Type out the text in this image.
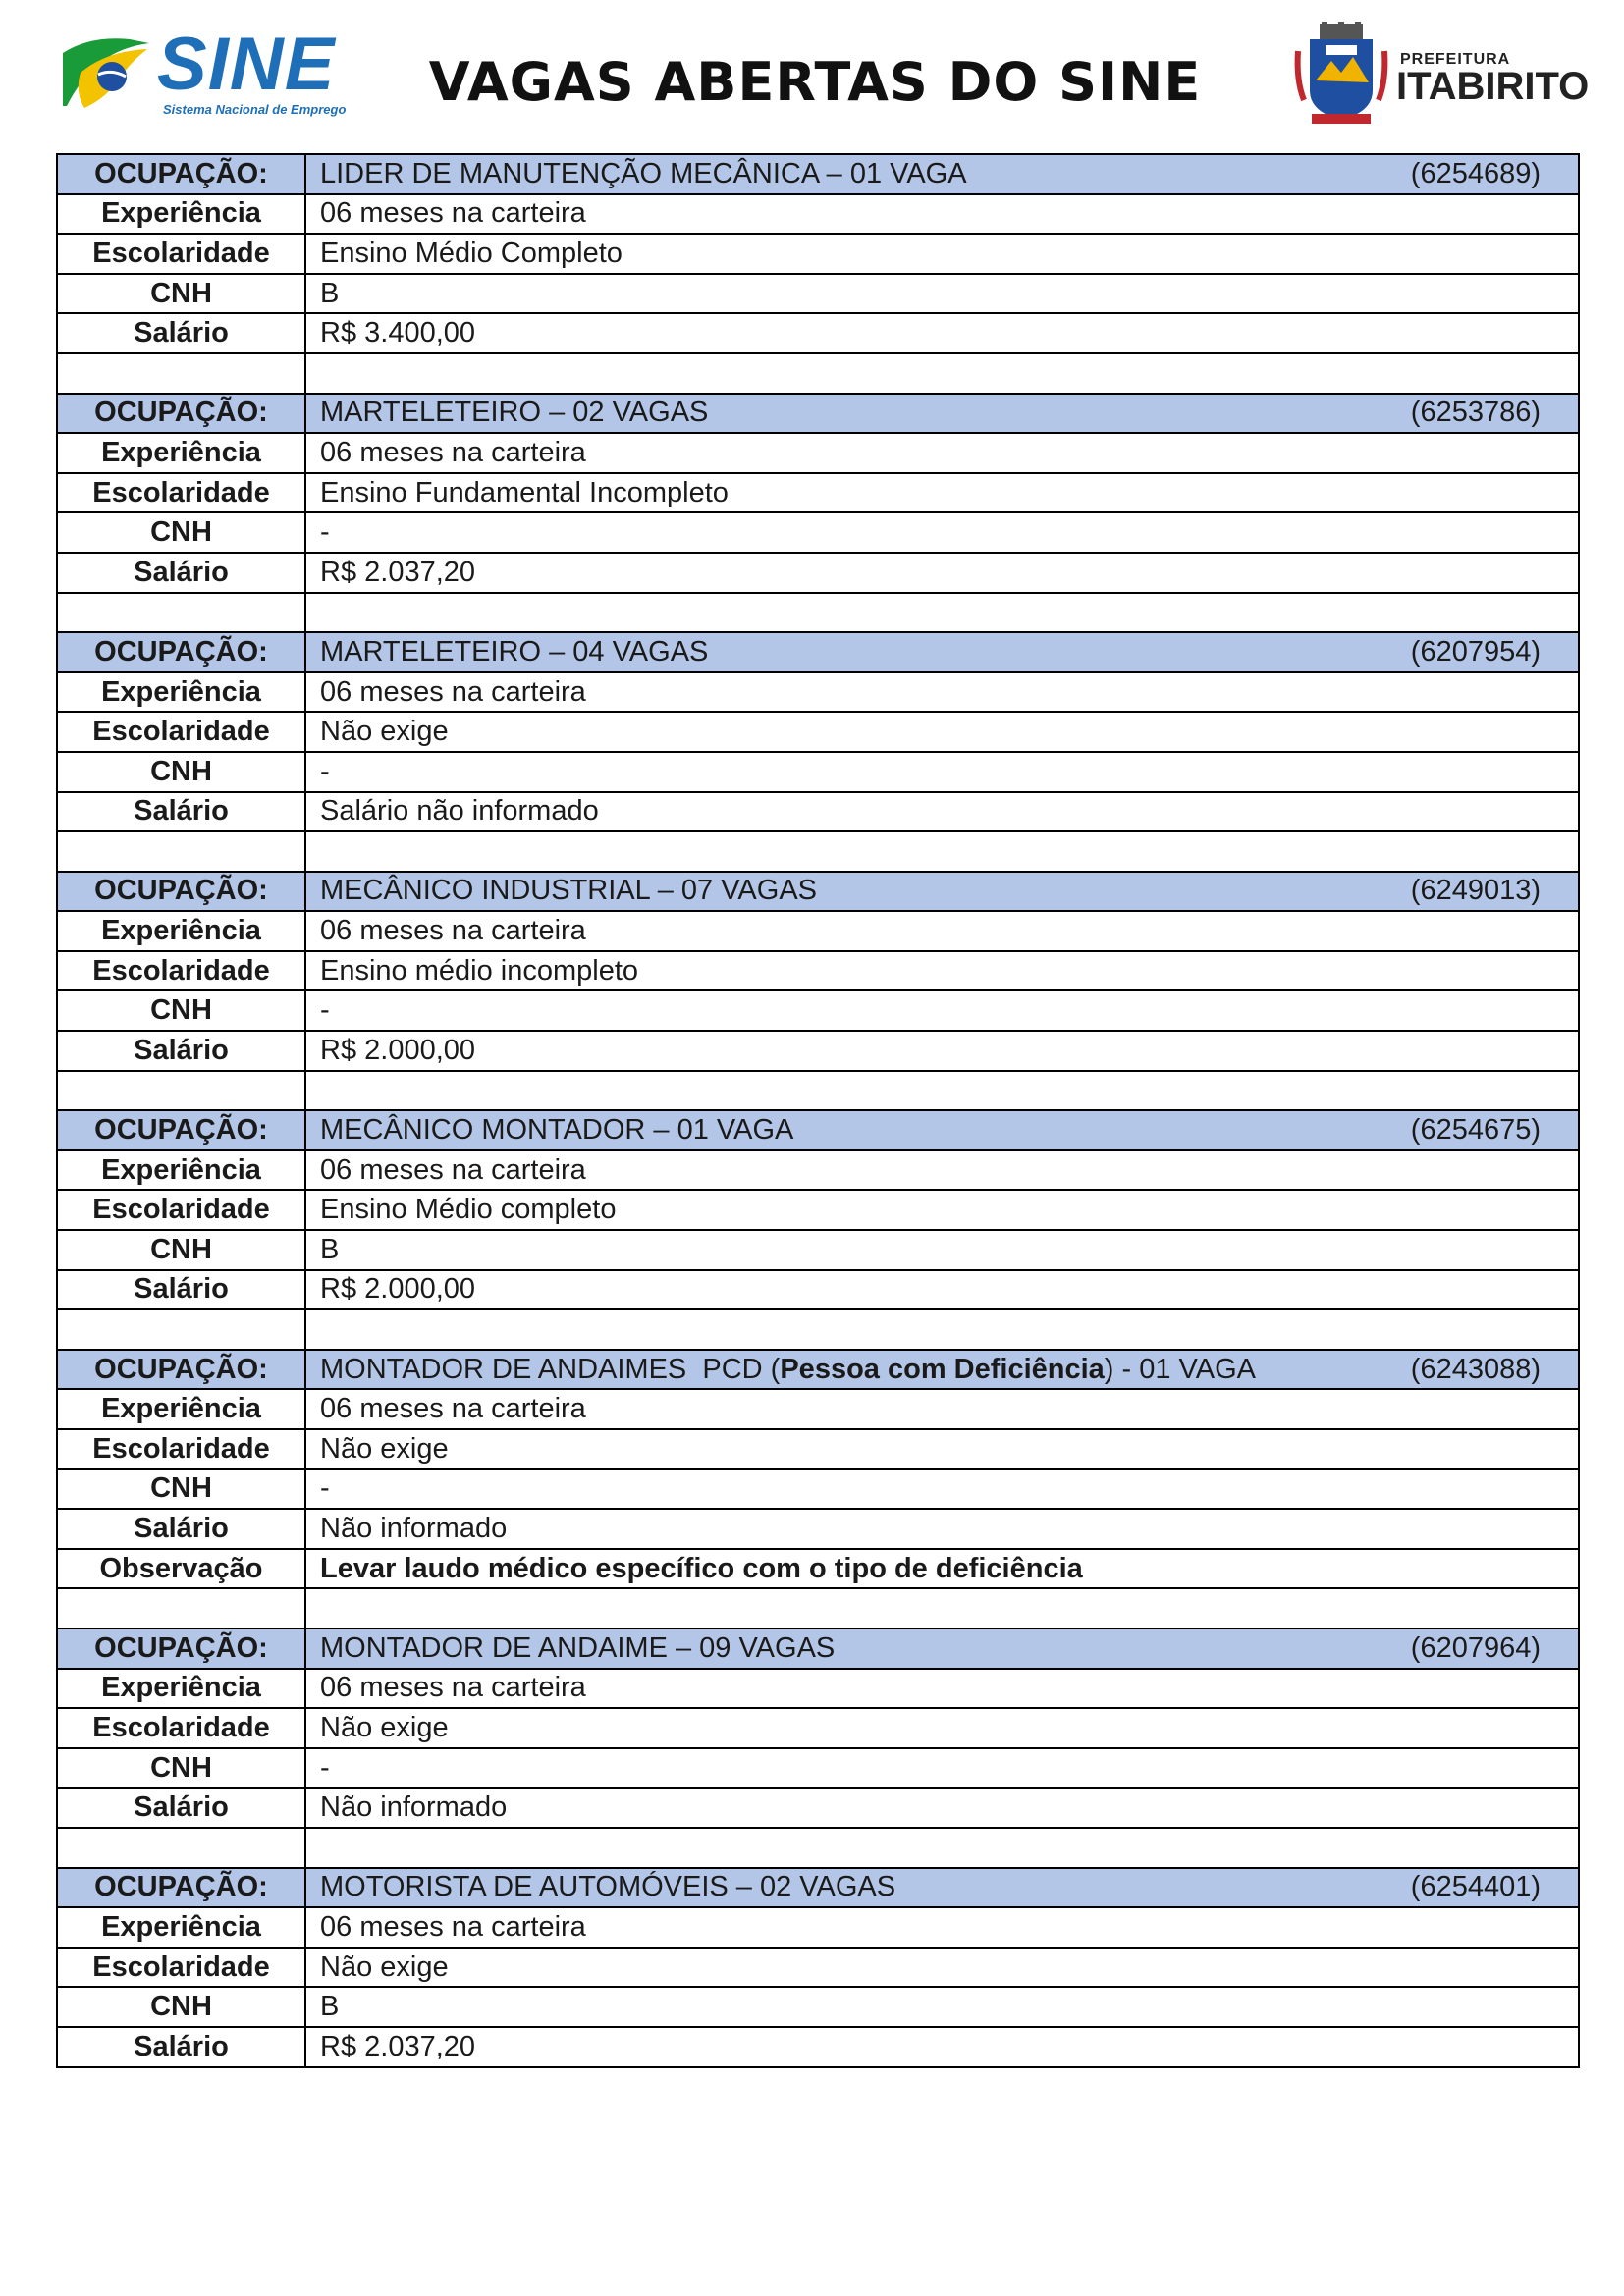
SINE
Sistema Nacional de Emprego	VAGAS ABERTAS DO SINE	PREFEITURA
ITABIRITO
OCUPAÇÃO:	LIDER DE MANUTENÇÃO MECÂNICA – 01 VAGA (6254689)

Experiência	06 meses na carteira
Escolaridade	Ensino Médio Completo
CNH	B
Salário	R$ 3.400,00

OCUPAÇÃO:	MARTELETEIRO – 02 VAGAS (6253786)

Experiência	06 meses na carteira
Escolaridade	Ensino Fundamental Incompleto
CNH	-
Salário	R$ 2.037,20

OCUPAÇÃO:	MARTELETEIRO – 04 VAGAS (6207954)

Experiência	06 meses na carteira
Escolaridade	Não exige
CNH	-
Salário	Salário não informado

OCUPAÇÃO:	MECÂNICO INDUSTRIAL – 07 VAGAS (6249013)

Experiência	06 meses na carteira
Escolaridade	Ensino médio incompleto
CNH	-
Salário	R$ 2.000,00

OCUPAÇÃO:	MECÂNICO MONTADOR – 01 VAGA (6254675)

Experiência	06 meses na carteira
Escolaridade	Ensino Médio completo
CNH	B
Salário	R$ 2.000,00

OCUPAÇÃO:	MONTADOR DE ANDAIMES  PCD (Pessoa com Deficiência) - 01 VAGA (6243088)

Experiência	06 meses na carteira
Escolaridade	Não exige
CNH	-
Salário	Não informado
Observação	Levar laudo médico específico com o tipo de deficiência

OCUPAÇÃO:	MONTADOR DE ANDAIME – 09 VAGAS (6207964)

Experiência	06 meses na carteira
Escolaridade	Não exige
CNH	-
Salário	Não informado

OCUPAÇÃO:	MOTORISTA DE AUTOMÓVEIS – 02 VAGAS (6254401)

Experiência	06 meses na carteira
Escolaridade	Não exige
CNH	B
Salário	R$ 2.037,20
